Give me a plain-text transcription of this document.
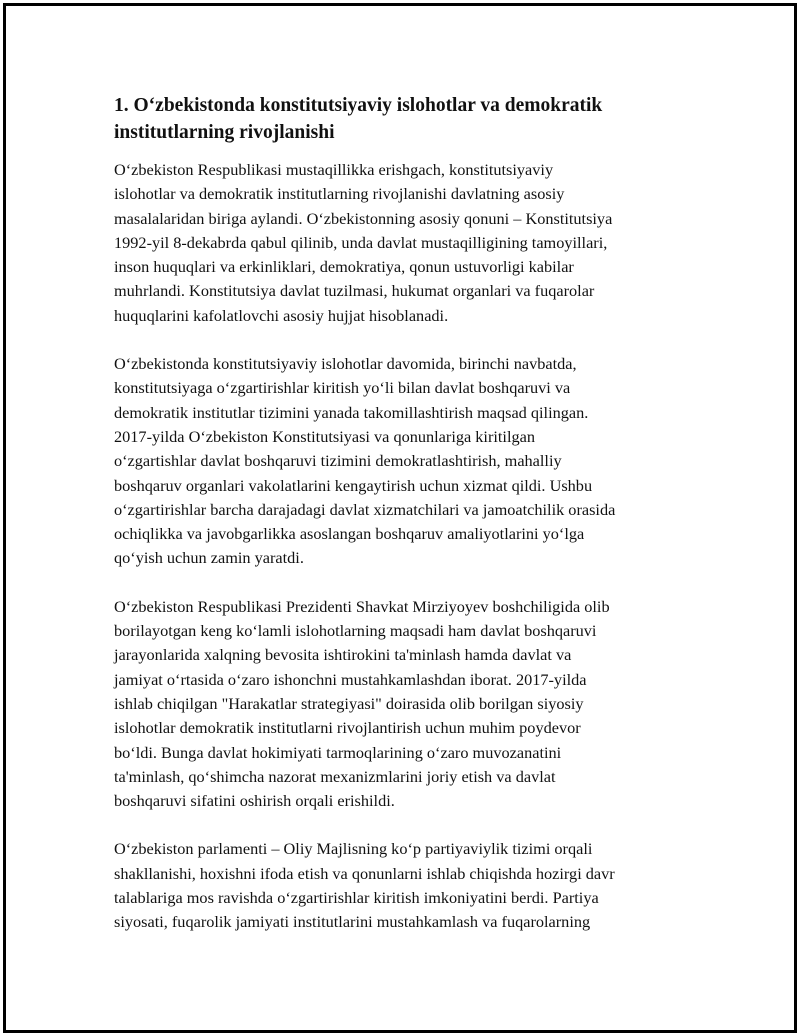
1. O‘zbekistonda konstitutsiyaviy islohotlar va demokratik
institutlarning rivojlanishi

O‘zbekiston Respublikasi mustaqillikka erishgach, konstitutsiyaviy
islohotlar va demokratik institutlarning rivojlanishi davlatning asosiy
masalalaridan biriga aylandi. O‘zbekistonning asosiy qonuni – Konstitutsiya
1992-yil 8-dekabrda qabul qilinib, unda davlat mustaqilligining tamoyillari,
inson huquqlari va erkinliklari, demokratiya, qonun ustuvorligi kabilar
muhrlandi. Konstitutsiya davlat tuzilmasi, hukumat organlari va fuqarolar
huquqlarini kafolatlovchi asosiy hujjat hisoblanadi.

O‘zbekistonda konstitutsiyaviy islohotlar davomida, birinchi navbatda,
konstitutsiyaga o‘zgartirishlar kiritish yo‘li bilan davlat boshqaruvi va
demokratik institutlar tizimini yanada takomillashtirish maqsad qilingan.
2017-yilda O‘zbekiston Konstitutsiyasi va qonunlariga kiritilgan
o‘zgartishlar davlat boshqaruvi tizimini demokratlashtirish, mahalliy
boshqaruv organlari vakolatlarini kengaytirish uchun xizmat qildi. Ushbu
o‘zgartirishlar barcha darajadagi davlat xizmatchilari va jamoatchilik orasida
ochiqlikka va javobgarlikka asoslangan boshqaruv amaliyotlarini yo‘lga
qo‘yish uchun zamin yaratdi.

O‘zbekiston Respublikasi Prezidenti Shavkat Mirziyoyev boshchiligida olib
borilayotgan keng ko‘lamli islohotlarning maqsadi ham davlat boshqaruvi
jarayonlarida xalqning bevosita ishtirokini ta'minlash hamda davlat va
jamiyat o‘rtasida o‘zaro ishonchni mustahkamlashdan iborat. 2017-yilda
ishlab chiqilgan "Harakatlar strategiyasi" doirasida olib borilgan siyosiy
islohotlar demokratik institutlarni rivojlantirish uchun muhim poydevor
bo‘ldi. Bunga davlat hokimiyati tarmoqlarining o‘zaro muvozanatini
ta'minlash, qo‘shimcha nazorat mexanizmlarini joriy etish va davlat
boshqaruvi sifatini oshirish orqali erishildi.

O‘zbekiston parlamenti – Oliy Majlisning ko‘p partiyaviylik tizimi orqali
shakllanishi, hoxishni ifoda etish va qonunlarni ishlab chiqishda hozirgi davr
talablariga mos ravishda o‘zgartirishlar kiritish imkoniyatini berdi. Partiya
siyosati, fuqarolik jamiyati institutlarini mustahkamlash va fuqarolarning
